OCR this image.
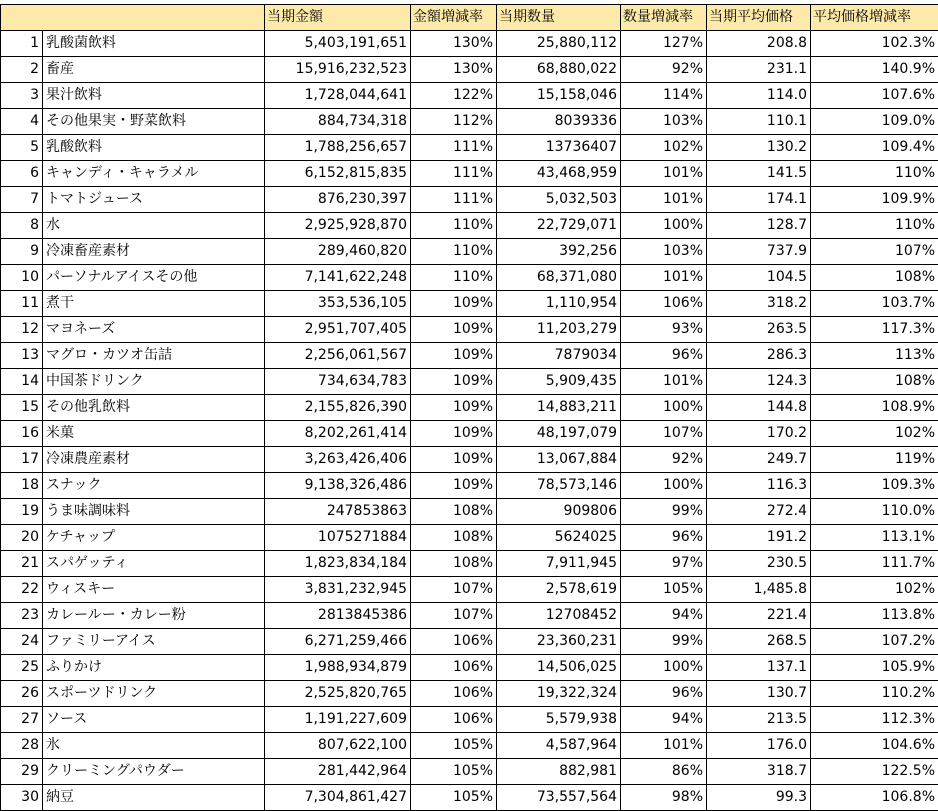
		当期金額	金額増減率	当期数量	数量増減率	当期平均価格	平均価格増減率
1	乳酸菌飲料	5,403,191,651	130%	25,880,112	127%	208.8	102.3%
2	畜産	15,916,232,523	130%	68,880,022	92%	231.1	140.9%
3	果汁飲料	1,728,044,641	122%	15,158,046	114%	114.0	107.6%
4	その他果実・野菜飲料	884,734,318	112%	8039336	103%	110.1	109.0%
5	乳酸飲料	1,788,256,657	111%	13736407	102%	130.2	109.4%
6	キャンディ・キャラメル	6,152,815,835	111%	43,468,959	101%	141.5	110%
7	トマトジュース	876,230,397	111%	5,032,503	101%	174.1	109.9%
8	水	2,925,928,870	110%	22,729,071	100%	128.7	110%
9	冷凍畜産素材	289,460,820	110%	392,256	103%	737.9	107%
10	パーソナルアイスその他	7,141,622,248	110%	68,371,080	101%	104.5	108%
11	煮干	353,536,105	109%	1,110,954	106%	318.2	103.7%
12	マヨネーズ	2,951,707,405	109%	11,203,279	93%	263.5	117.3%
13	マグロ・カツオ缶詰	2,256,061,567	109%	7879034	96%	286.3	113%
14	中国茶ドリンク	734,634,783	109%	5,909,435	101%	124.3	108%
15	その他乳飲料	2,155,826,390	109%	14,883,211	100%	144.8	108.9%
16	米菓	8,202,261,414	109%	48,197,079	107%	170.2	102%
17	冷凍農産素材	3,263,426,406	109%	13,067,884	92%	249.7	119%
18	スナック	9,138,326,486	109%	78,573,146	100%	116.3	109.3%
19	うま味調味料	247853863	108%	909806	99%	272.4	110.0%
20	ケチャップ	1075271884	108%	5624025	96%	191.2	113.1%
21	スパゲッティ	1,823,834,184	108%	7,911,945	97%	230.5	111.7%
22	ウィスキー	3,831,232,945	107%	2,578,619	105%	1,485.8	102%
23	カレールー・カレー粉	2813845386	107%	12708452	94%	221.4	113.8%
24	ファミリーアイス	6,271,259,466	106%	23,360,231	99%	268.5	107.2%
25	ふりかけ	1,988,934,879	106%	14,506,025	100%	137.1	105.9%
26	スポーツドリンク	2,525,820,765	106%	19,322,324	96%	130.7	110.2%
27	ソース	1,191,227,609	106%	5,579,938	94%	213.5	112.3%
28	氷	807,622,100	105%	4,587,964	101%	176.0	104.6%
29	クリーミングパウダー	281,442,964	105%	882,981	86%	318.7	122.5%
30	納豆	7,304,861,427	105%	73,557,564	98%	99.3	106.8%
